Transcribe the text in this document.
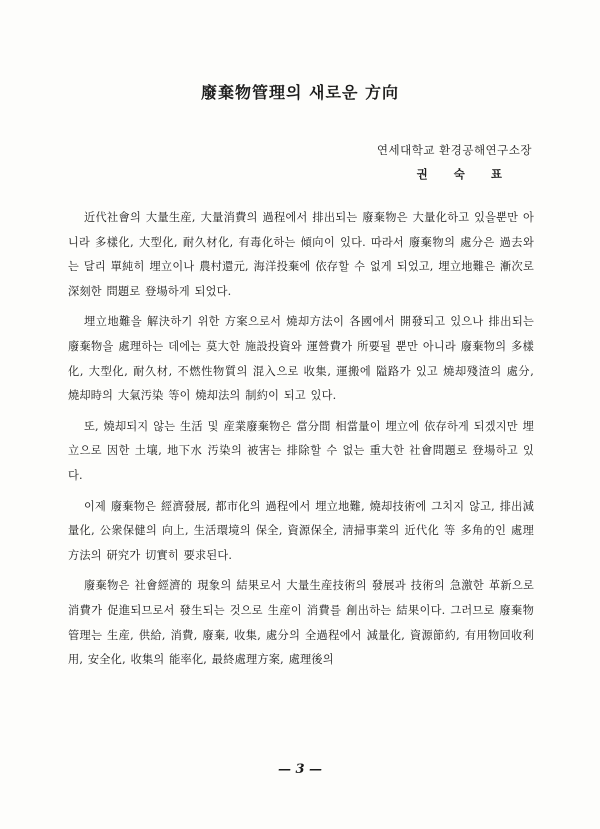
廢棄物管理의 새로운 方向
연세대학교 환경공해연구소장
권숙표

近代社會의 大量生産, 大量消費의 過程에서 排出되는 廢棄物은 大量化하고 있을뿐만 아니라 多樣化, 大型化, 耐久材化, 有毒化하는 傾向이 있다. 따라서 廢棄物의 處分은 過去와는 달리 單純히 埋立이나 農村還元, 海洋投棄에 依存할 수 없게 되었고, 埋立地難은 漸次로 深刻한 問題로 登場하게 되었다.

埋立地難을 解決하기 위한 方案으로서 燒却方法이 各國에서 開發되고 있으나 排出되는 廢棄物을 處理하는 데에는 莫大한 施設投資와 運營費가 所要될 뿐만 아니라 廢棄物의 多樣化, 大型化, 耐久材, 不燃性物質의 混入으로 收集, 運搬에 隘路가 있고 燒却殘渣의 處分, 燒却時의 大氣汚染 等이 燒却法의 制約이 되고 있다.

또, 燒却되지 않는 生活 및 産業廢棄物은 當分間 相當量이 埋立에 依存하게 되겠지만 埋立으로 因한 土壤, 地下水 汚染의 被害는 排除할 수 없는 重大한 社會問題로 登場하고 있다.

이제 廢棄物은 經濟發展, 都市化의 過程에서 埋立地難, 燒却技術에 그치지 않고, 排出減量化, 公衆保健의 向上, 生活環境의 保全, 資源保全, 淸掃事業의 近代化 等 多角的인 處理方法의 研究가 切實히 要求된다.

廢棄物은 社會經濟的 現象의 結果로서 大量生産技術의 發展과 技術의 急激한 革新으로 消費가 促進되므로서 發生되는 것으로 生産이 消費를 創出하는 結果이다. 그러므로 廢棄物管理는 生産, 供給, 消費, 廢棄, 收集, 處分의 全過程에서 減量化, 資源節約, 有用物回收利用, 安全化, 收集의 能率化, 最終處理方案, 處理後의

— 3 —
